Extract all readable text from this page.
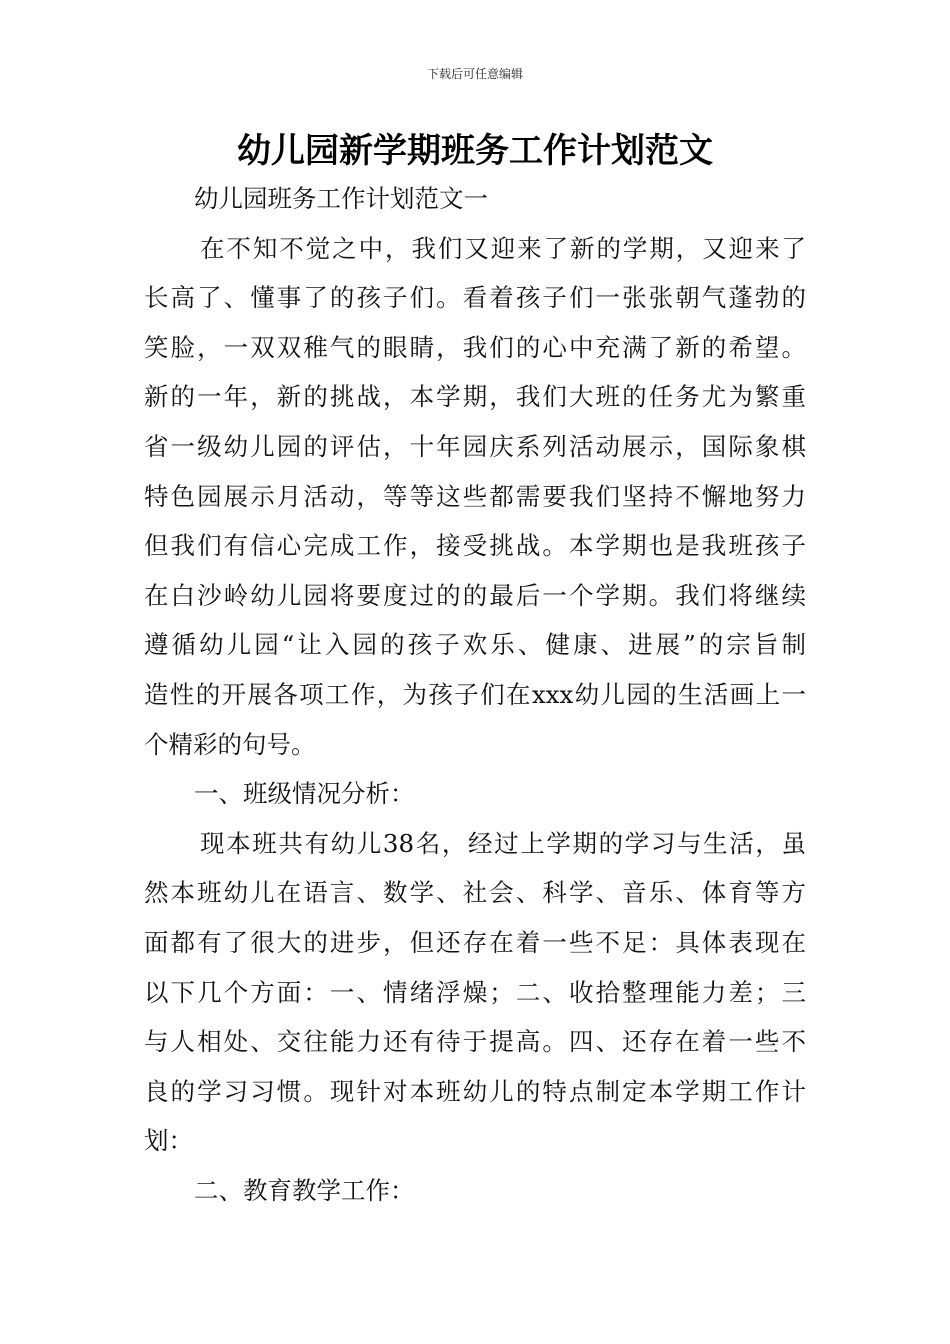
下载后可任意编辑
幼儿园新学期班务工作计划范文
幼儿园班务工作计划范文一
在不知不觉之中，我们又迎来了新的学期，又迎来了
长高了、懂事了的孩子们。看着孩子们一张张朝气蓬勃的
笑脸，一双双稚气的眼睛，我们的心中充满了新的希望。
新的一年，新的挑战，本学期，我们大班的任务尤为繁重
省一级幼儿园的评估，十年园庆系列活动展示，国际象棋
特色园展示月活动，等等这些都需要我们坚持不懈地努力
但我们有信心完成工作，接受挑战。本学期也是我班孩子
在白沙岭幼儿园将要度过的的最后一个学期。我们将继续
遵循幼儿园“让入园的孩子欢乐、健康、进展”的宗旨制
造性的开展各项工作，为孩子们在xxx幼儿园的生活画上一
个精彩的句号。
一、班级情况分析：
现本班共有幼儿38名，经过上学期的学习与生活，虽
然本班幼儿在语言、数学、社会、科学、音乐、体育等方
面都有了很大的进步，但还存在着一些不足：具体表现在
以下几个方面：一、情绪浮燥；二、收拾整理能力差；三
与人相处、交往能力还有待于提高。四、还存在着一些不
良的学习习惯。现针对本班幼儿的特点制定本学期工作计
划：
二、教育教学工作：
